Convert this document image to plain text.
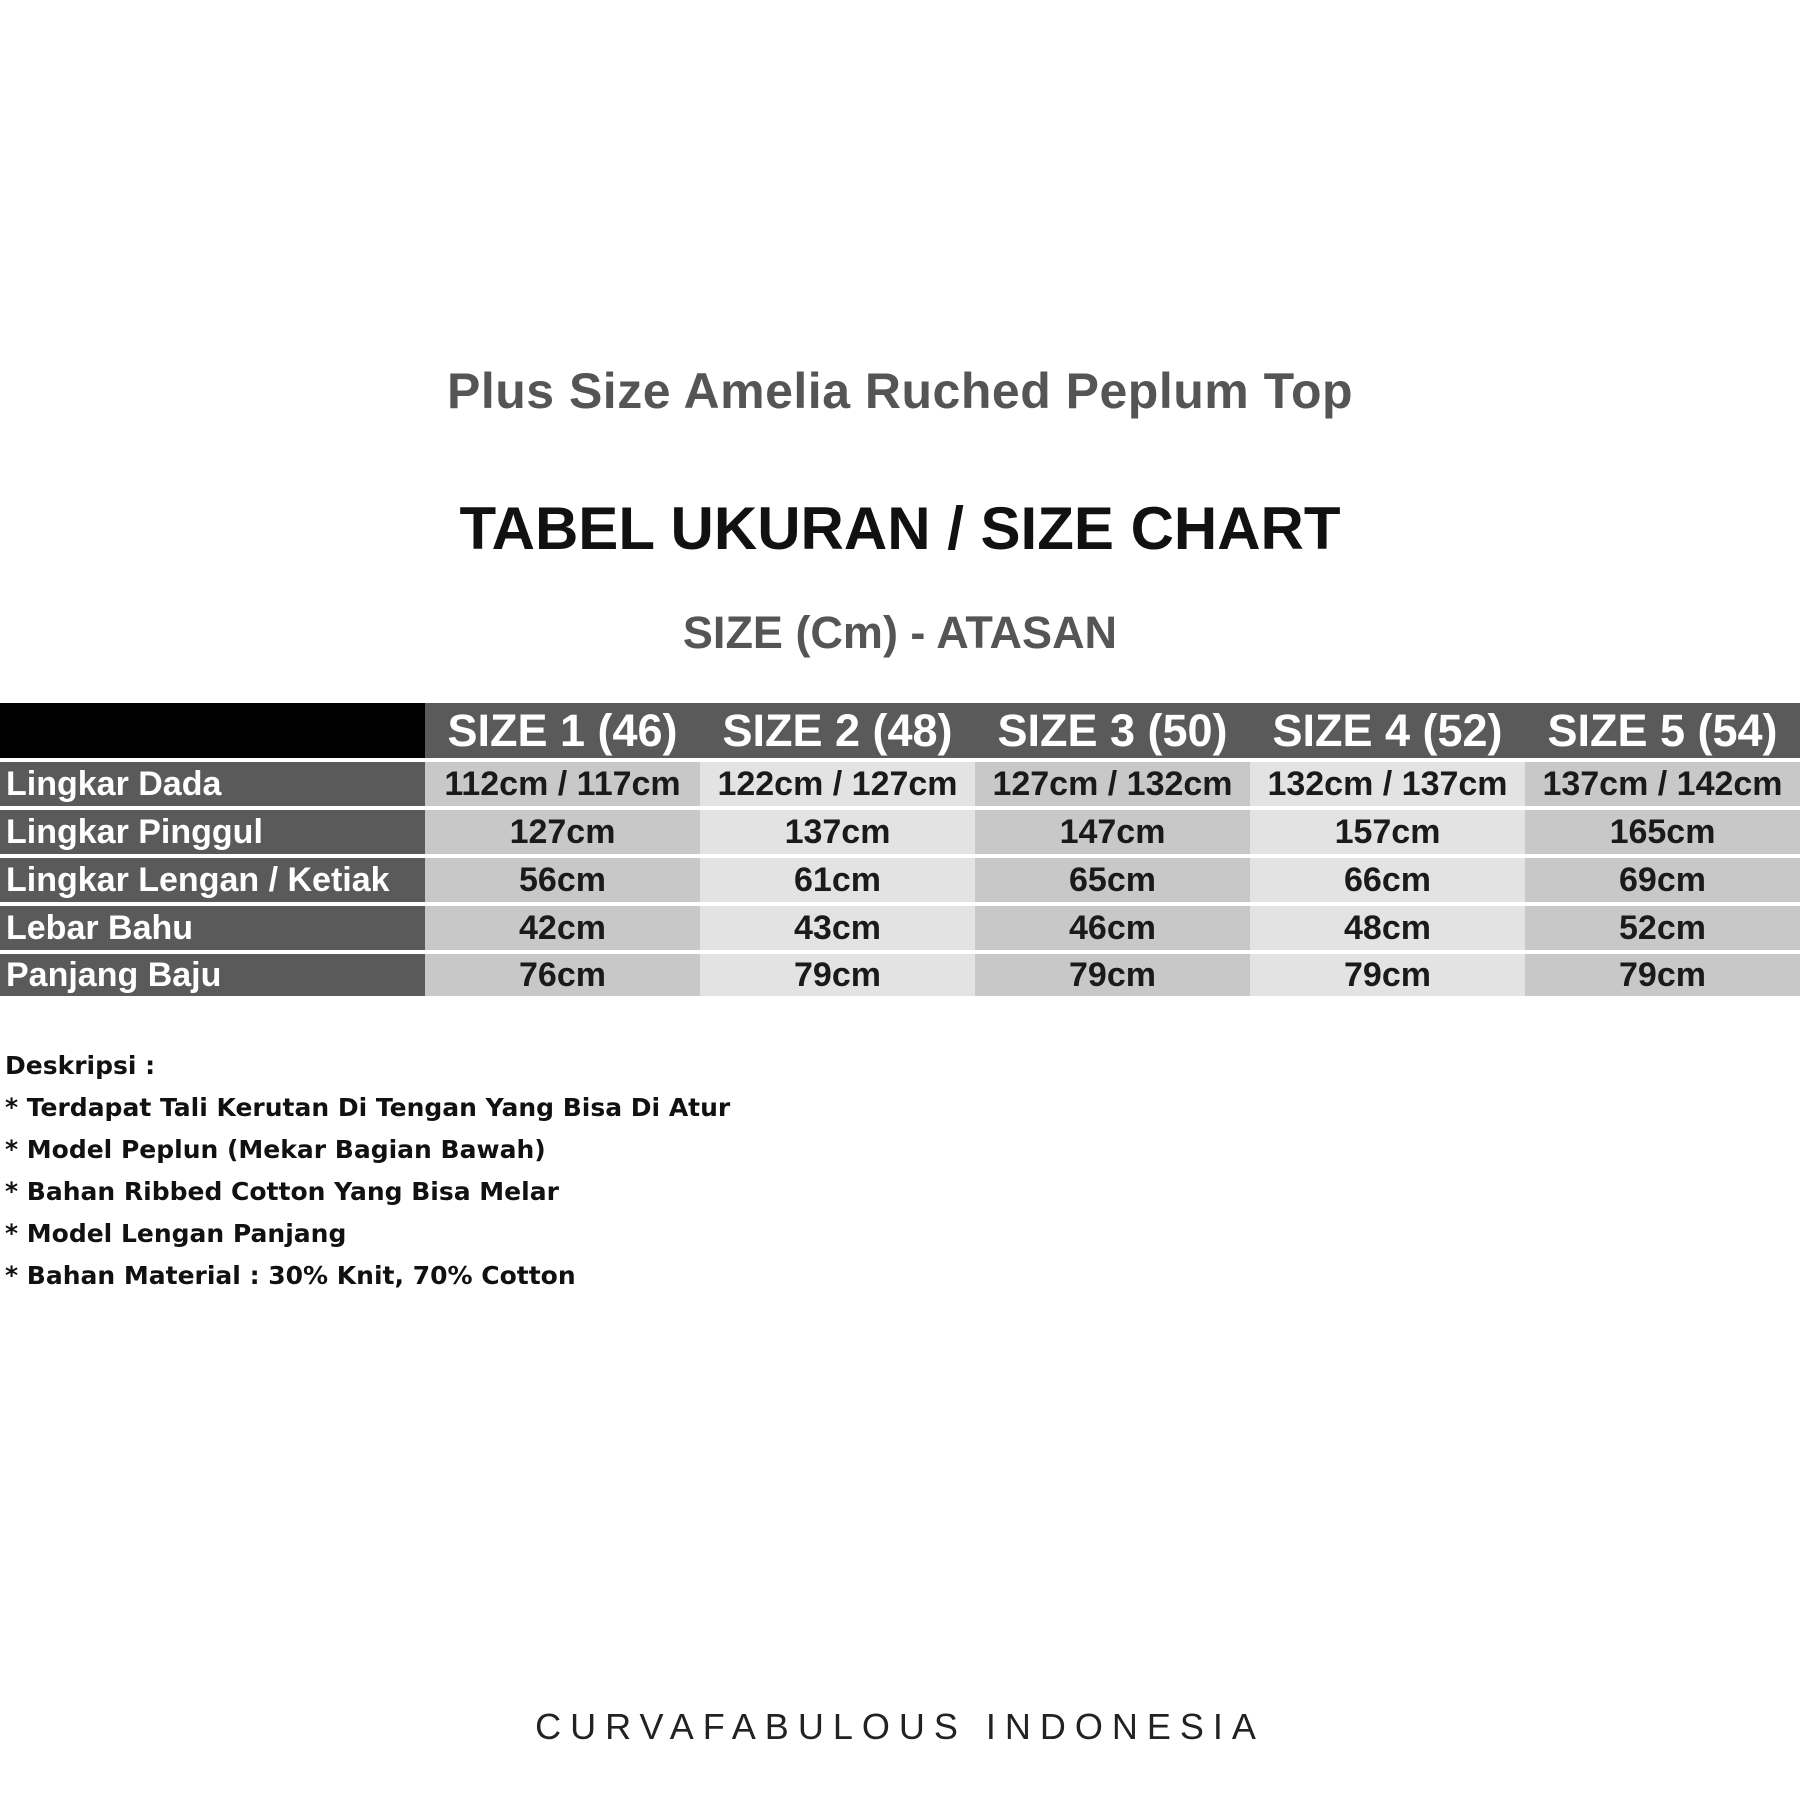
Plus Size Amelia Ruched Peplum Top
TABEL UKURAN / SIZE CHART
SIZE (Cm) - ATASAN
	SIZE 1 (46)	SIZE 2 (48)	SIZE 3 (50)	SIZE 4 (52)	SIZE 5 (54)
Lingkar Dada	112cm / 117cm	122cm / 127cm	127cm / 132cm	132cm / 137cm	137cm / 142cm
Lingkar Pinggul	127cm	137cm	147cm	157cm	165cm
Lingkar Lengan / Ketiak	56cm	61cm	65cm	66cm	69cm
Lebar Bahu	42cm	43cm	46cm	48cm	52cm
Panjang Baju	76cm	79cm	79cm	79cm	79cm
Deskripsi :
* Terdapat Tali Kerutan Di Tengan Yang Bisa Di Atur
* Model Peplun (Mekar Bagian Bawah)
* Bahan Ribbed Cotton Yang Bisa Melar
* Model Lengan Panjang
* Bahan Material : 30% Knit, 70% Cotton
CURVAFABULOUS INDONESIA
